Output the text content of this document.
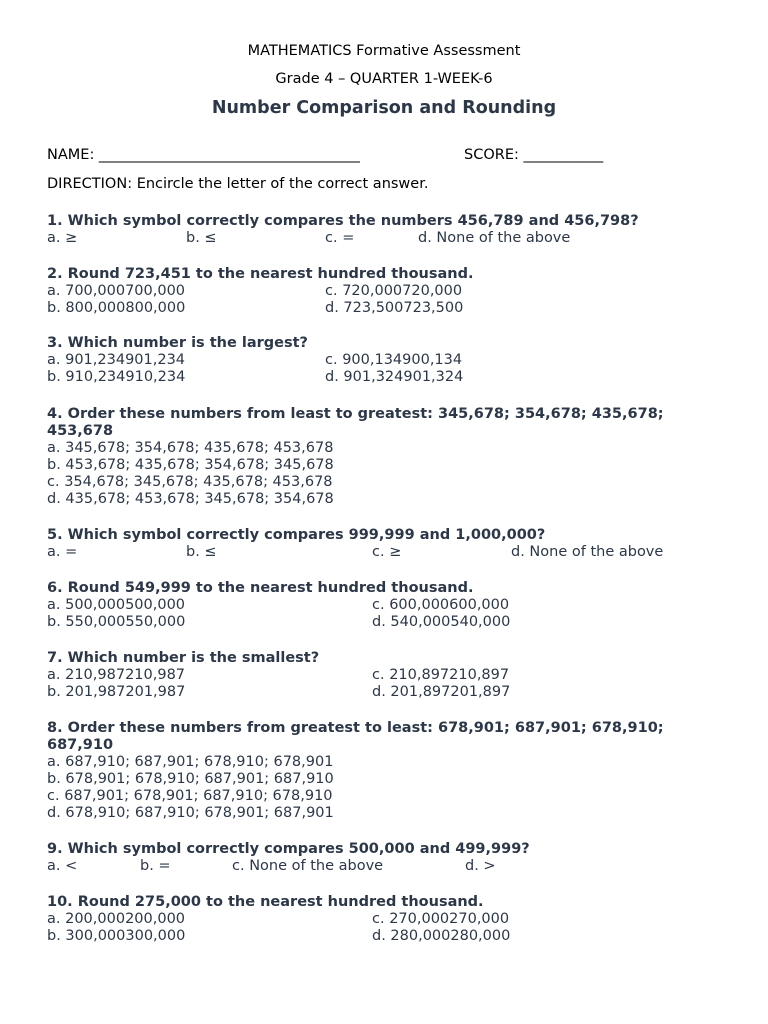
MATHEMATICS Formative Assessment
Grade 4 – QUARTER 1-WEEK-6
Number Comparison and Rounding
NAME: ____________________________________	SCORE: ___________
DIRECTION: Encircle the letter of the correct answer.
1. Which symbol correctly compares the numbers 456,789 and 456,798?
a. ≥	b. ≤	c. =	d. None of the above
2. Round 723,451 to the nearest hundred thousand.
a. 700,000700,000	c. 720,000720,000
b. 800,000800,000	d. 723,500723,500
3. Which number is the largest?
a. 901,234901,234	c. 900,134900,134
b. 910,234910,234	d. 901,324901,324
4. Order these numbers from least to greatest: 345,678; 354,678; 435,678; 453,678
a. 345,678; 354,678; 435,678; 453,678
b. 453,678; 435,678; 354,678; 345,678
c. 354,678; 345,678; 435,678; 453,678
d. 435,678; 453,678; 345,678; 354,678
5. Which symbol correctly compares 999,999 and 1,000,000?
a. =	b. ≤	c. ≥	d. None of the above
6. Round 549,999 to the nearest hundred thousand.
a. 500,000500,000	c. 600,000600,000
b. 550,000550,000	d. 540,000540,000
7. Which number is the smallest?
a. 210,987210,987	c. 210,897210,897
b. 201,987201,987	d. 201,897201,897
8. Order these numbers from greatest to least: 678,901; 687,901; 678,910; 687,910
a. 687,910; 687,901; 678,910; 678,901
b. 678,901; 678,910; 687,901; 687,910
c. 687,901; 678,901; 687,910; 678,910
d. 678,910; 687,910; 678,901; 687,901
9. Which symbol correctly compares 500,000 and 499,999?
a. <	b. =	c. None of the above	d. >
10. Round 275,000 to the nearest hundred thousand.
a. 200,000200,000	c. 270,000270,000
b. 300,000300,000	d. 280,000280,000
